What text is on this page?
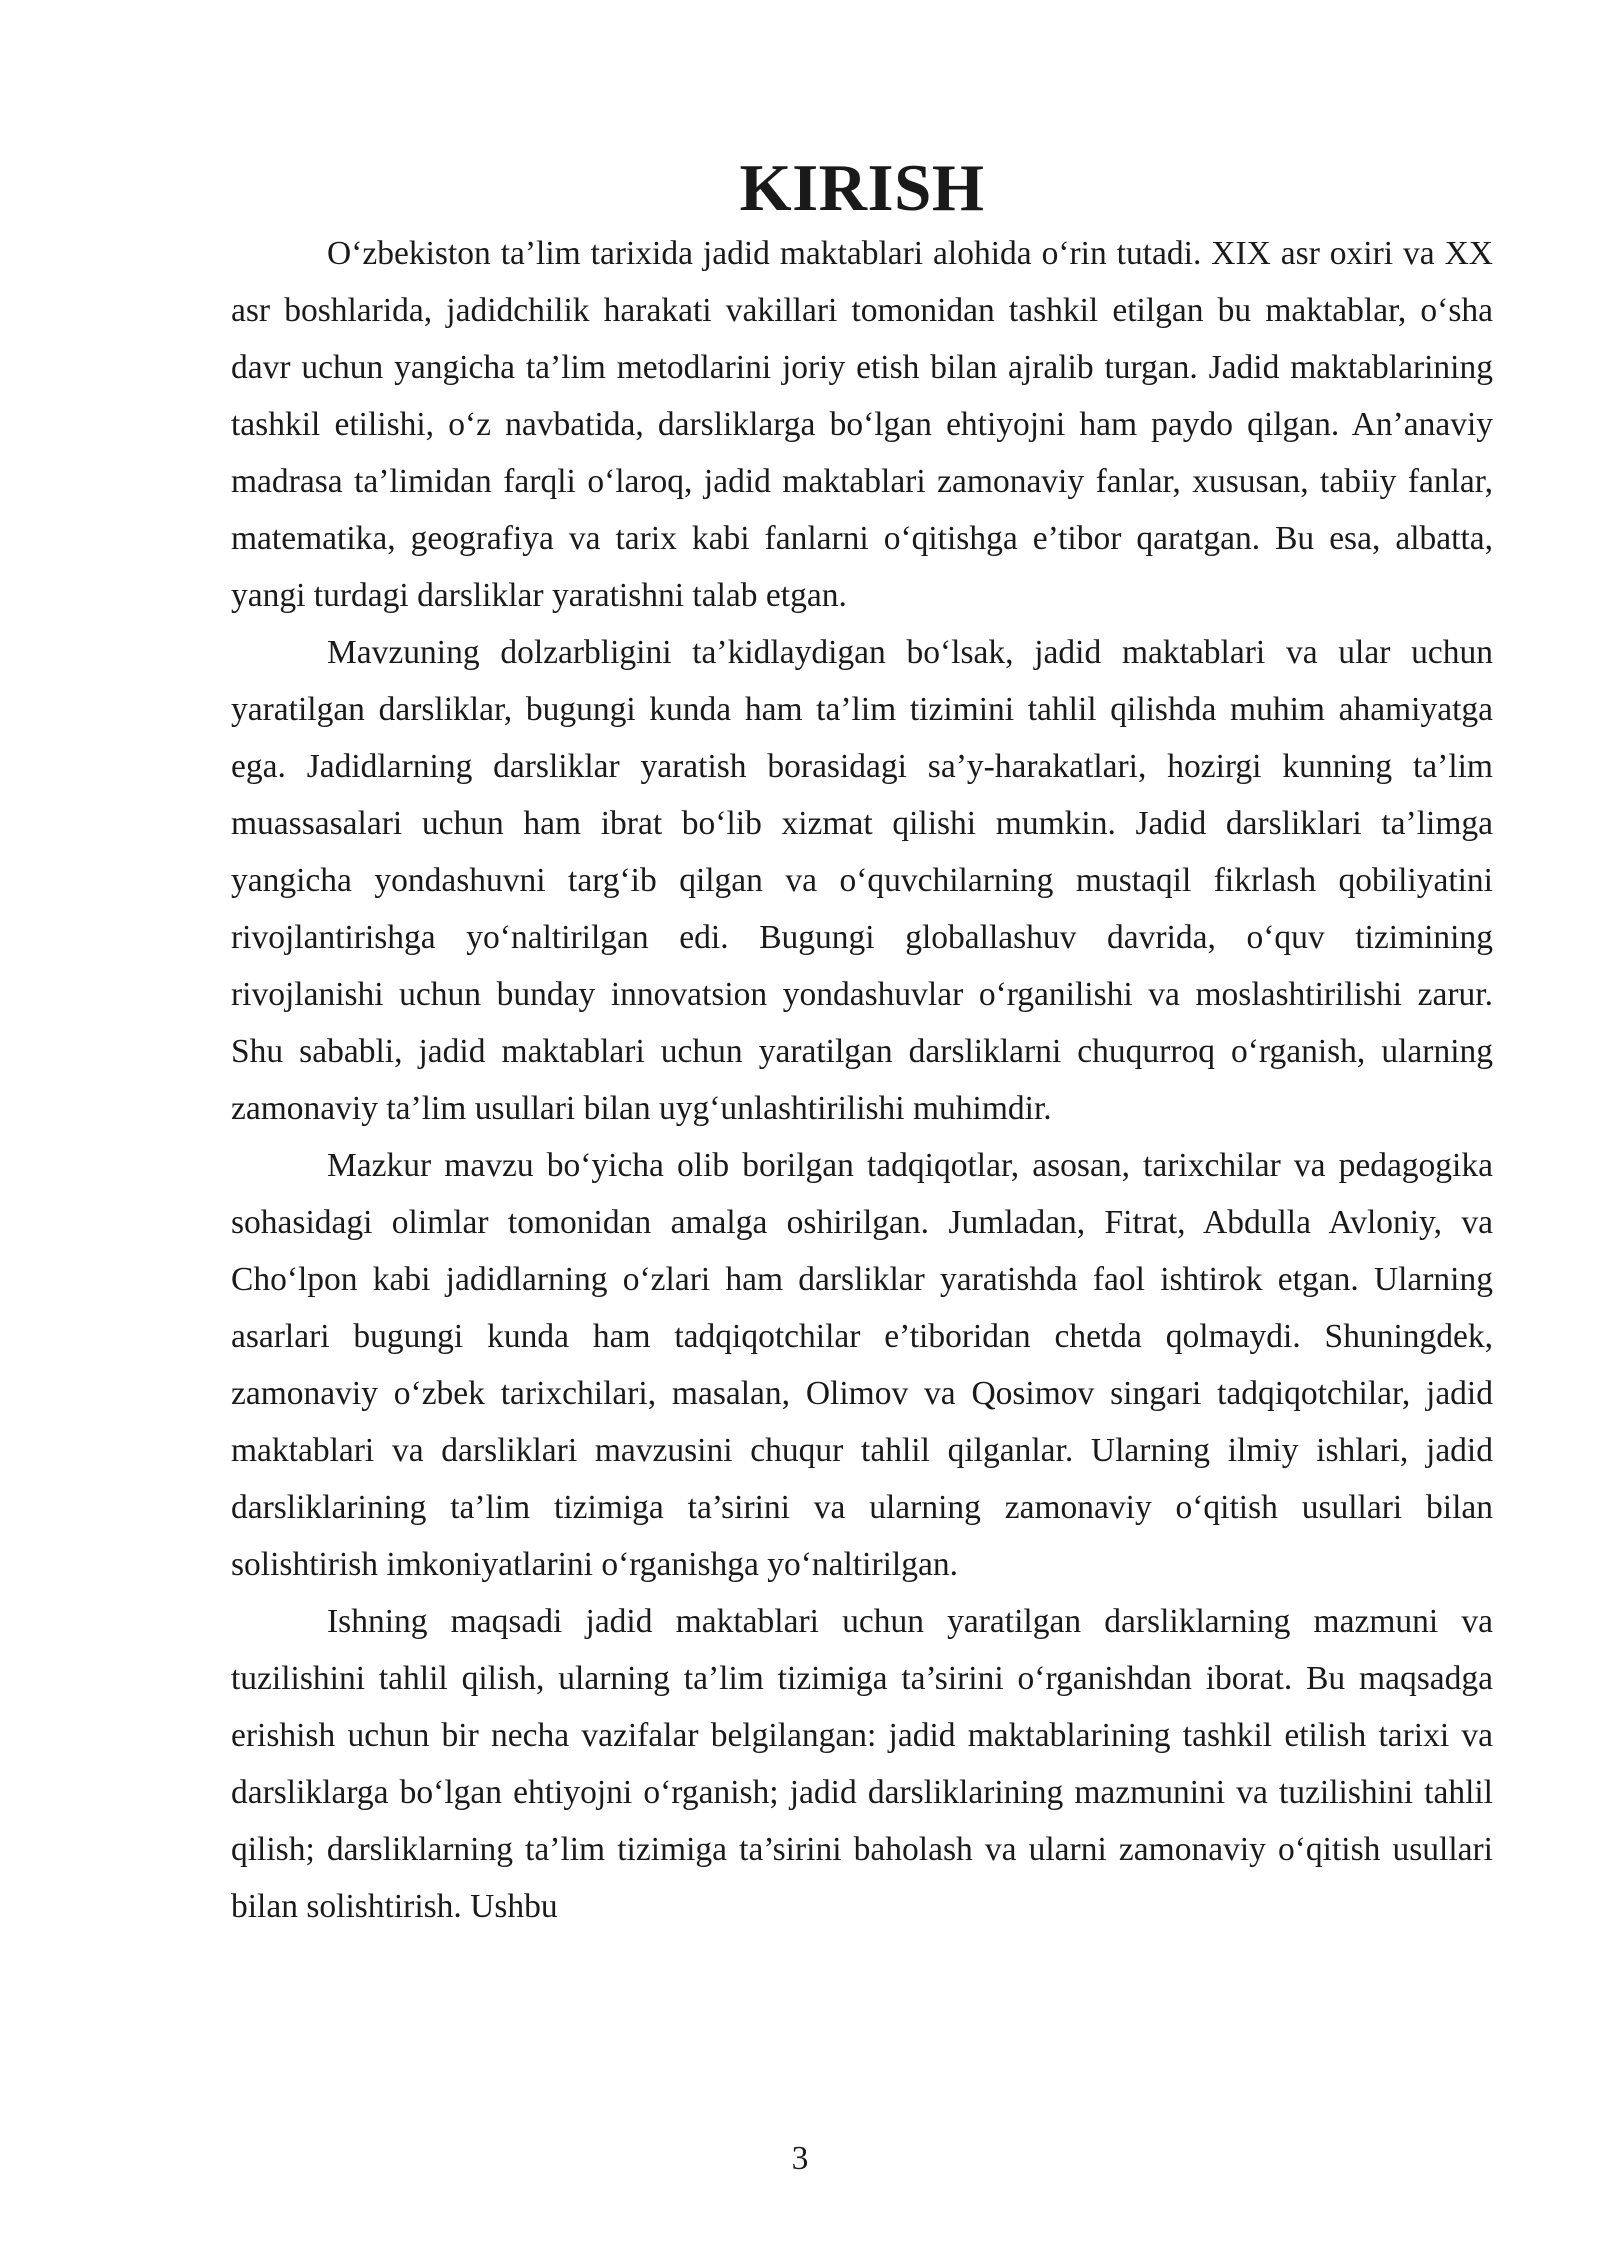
KIRISH

O‘zbekiston ta’lim tarixida jadid maktablari alohida o‘rin tutadi. XIX asr oxiri va XX asr boshlarida, jadidchilik harakati vakillari tomonidan tashkil etilgan bu maktablar, o‘sha davr uchun yangicha ta’lim metodlarini joriy etish bilan ajralib turgan. Jadid maktablarining tashkil etilishi, o‘z navbatida, darsliklarga bo‘lgan ehtiyojni ham paydo qilgan. An’anaviy madrasa ta’limidan farqli o‘laroq, jadid maktablari zamonaviy fanlar, xususan, tabiiy fanlar, matematika, geografiya va tarix kabi fanlarni o‘qitishga e’tibor qaratgan. Bu esa, albatta, yangi turdagi darsliklar yaratishni talab etgan.

Mavzuning dolzarbligini ta’kidlaydigan bo‘lsak, jadid maktablari va ular uchun yaratilgan darsliklar, bugungi kunda ham ta’lim tizimini tahlil qilishda muhim ahamiyatga ega. Jadidlarning darsliklar yaratish borasidagi sa’y-harakatlari, hozirgi kunning ta’lim muassasalari uchun ham ibrat bo‘lib xizmat qilishi mumkin. Jadid darsliklari ta’limga yangicha yondashuvni targ‘ib qilgan va o‘quvchilarning mustaqil fikrlash qobiliyatini rivojlantirishga yo‘naltirilgan edi. Bugungi globallashuv davrida, o‘quv tizimining rivojlanishi uchun bunday innovatsion yondashuvlar o‘rganilishi va moslashtirilishi zarur. Shu sababli, jadid maktablari uchun yaratilgan darsliklarni chuqurroq o‘rganish, ularning zamonaviy ta’lim usullari bilan uyg‘unlashtirilishi muhimdir.

Mazkur mavzu bo‘yicha olib borilgan tadqiqotlar, asosan, tarixchilar va pedagogika sohasidagi olimlar tomonidan amalga oshirilgan. Jumladan, Fitrat, Abdulla Avloniy, va Cho‘lpon kabi jadidlarning o‘zlari ham darsliklar yaratishda faol ishtirok etgan. Ularning asarlari bugungi kunda ham tadqiqotchilar e’tiboridan chetda qolmaydi. Shuningdek, zamonaviy o‘zbek tarixchilari, masalan, Olimov va Qosimov singari tadqiqotchilar, jadid maktablari va darsliklari mavzusini chuqur tahlil qilganlar. Ularning ilmiy ishlari, jadid darsliklarining ta’lim tizimiga ta’sirini va ularning zamonaviy o‘qitish usullari bilan solishtirish imkoniyatlarini o‘rganishga yo‘naltirilgan.

Ishning maqsadi jadid maktablari uchun yaratilgan darsliklarning mazmuni va tuzilishini tahlil qilish, ularning ta’lim tizimiga ta’sirini o‘rganishdan iborat. Bu maqsadga erishish uchun bir necha vazifalar belgilangan: jadid maktablarining tashkil etilish tarixi va darsliklarga bo‘lgan ehtiyojni o‘rganish; jadid darsliklarining mazmunini va tuzilishini tahlil qilish; darsliklarning ta’lim tizimiga ta’sirini baholash va ularni zamonaviy o‘qitish usullari bilan solishtirish. Ushbu

3
